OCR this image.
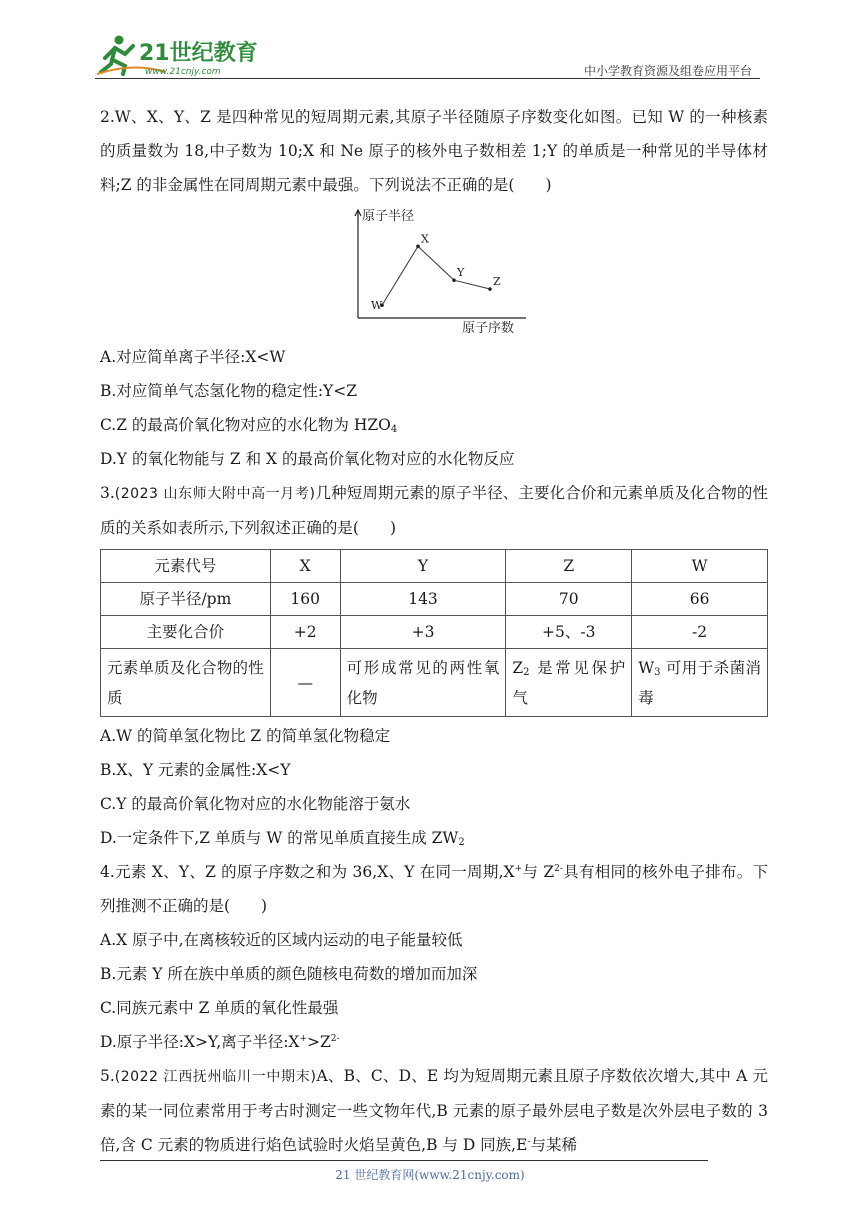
21世纪教育
www.21cnjy.com	中小学教育资源及组卷应用平台

2.W、X、Y、Z 是四种常见的短周期元素,其原子半径随原子序数变化如图。已知 W 的一种核素的质量数为 18,中子数为 10;X 和 Ne 原子的核外电子数相差 1;Y 的单质是一种常见的半导体材料;Z 的非金属性在同周期元素中最强。下列说法不正确的是(　　)

W
X
Y
Z
原子半径
原子序数

A.对应简单离子半径:X<W

B.对应简单气态氢化物的稳定性:Y<Z

C.Z 的最高价氧化物对应的水化物为 $HZO_4$

D.Y 的氧化物能与 Z 和 X 的最高价氧化物对应的水化物反应

3.(2023 山东师大附中高一月考)几种短周期元素的原子半径、主要化合价和元素单质及化合物的性质的关系如表所示,下列叙述正确的是(　　)

元素代号	X	Y	Z	W
原子半径/pm	160	143	70	66
主要化合价	+2	+3	+5、-3	-2
元素单质及化合物的性质	—	可形成常见的两性氧化物	$Z_2$ 是常见保护气	$W_3$ 可用于杀菌消毒

A.W 的简单氢化物比 Z 的简单氢化物稳定

B.X、Y 元素的金属性:X<Y

C.Y 的最高价氧化物对应的水化物能溶于氨水

D.一定条件下,Z 单质与 W 的常见单质直接生成 $ZW_2$

4.元素 X、Y、Z 的原子序数之和为 36,X、Y 在同一周期,X+与 $Z^{2-}$具有相同的核外电子排布。下列推测不正确的是(　　)

A.X 原子中,在离核较近的区域内运动的电子能量较低

B.元素 Y 所在族中单质的颜色随核电荷数的增加而加深

C.同族元素中 Z 单质的氧化性最强

D.原子半径:X>Y,离子半径$:X^+>Z^{2-}$

5.(2022 江西抚州临川一中期末)A、B、C、D、E 均为短周期元素且原子序数依次增大,其中 A 元素的某一同位素常用于考古时测定一些文物年代,B 元素的原子最外层电子数是次外层电子数的 3 倍,含 C 元素的物质进行焰色试验时火焰呈黄色,B 与 D 同族,E-与某稀

21 世纪教育网(www.21cnjy.com)
